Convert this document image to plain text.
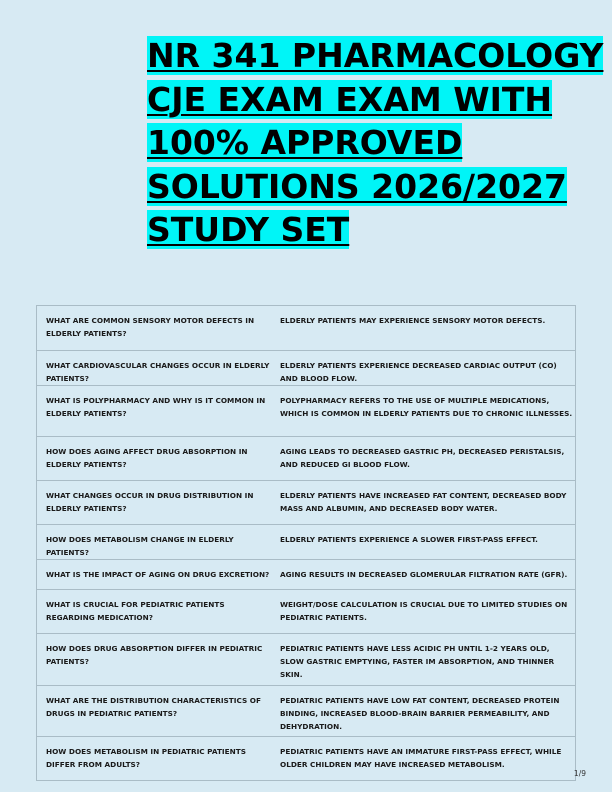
NR 341 PHARMACOLOGY
CJE EXAM EXAM WITH
100% APPROVED
SOLUTIONS 2026/2027
STUDY SET
WHAT ARE COMMON SENSORY MOTOR DEFECTS IN ELDERLY PATIENTS?	ELDERLY PATIENTS MAY EXPERIENCE SENSORY MOTOR DEFECTS.
WHAT CARDIOVASCULAR CHANGES OCCUR IN ELDERLY PATIENTS?	ELDERLY PATIENTS EXPERIENCE DECREASED CARDIAC OUTPUT (CO) AND BLOOD FLOW.
WHAT IS POLYPHARMACY AND WHY IS IT COMMON IN ELDERLY PATIENTS?	POLYPHARMACY REFERS TO THE USE OF MULTIPLE MEDICATIONS, WHICH IS COMMON IN ELDERLY PATIENTS DUE TO CHRONIC ILLNESSES.
HOW DOES AGING AFFECT DRUG ABSORPTION IN ELDERLY PATIENTS?	AGING LEADS TO DECREASED GASTRIC PH, DECREASED PERISTALSIS, AND REDUCED GI BLOOD FLOW.
WHAT CHANGES OCCUR IN DRUG DISTRIBUTION IN ELDERLY PATIENTS?	ELDERLY PATIENTS HAVE INCREASED FAT CONTENT, DECREASED BODY MASS AND ALBUMIN, AND DECREASED BODY WATER.
HOW DOES METABOLISM CHANGE IN ELDERLY PATIENTS?	ELDERLY PATIENTS EXPERIENCE A SLOWER FIRST-PASS EFFECT.
WHAT IS THE IMPACT OF AGING ON DRUG EXCRETION?	AGING RESULTS IN DECREASED GLOMERULAR FILTRATION RATE (GFR).
WHAT IS CRUCIAL FOR PEDIATRIC PATIENTS REGARDING MEDICATION?	WEIGHT/DOSE CALCULATION IS CRUCIAL DUE TO LIMITED STUDIES ON PEDIATRIC PATIENTS.
HOW DOES DRUG ABSORPTION DIFFER IN PEDIATRIC PATIENTS?	PEDIATRIC PATIENTS HAVE LESS ACIDIC PH UNTIL 1-2 YEARS OLD, SLOW GASTRIC EMPTYING, FASTER IM ABSORPTION, AND THINNER SKIN.
WHAT ARE THE DISTRIBUTION CHARACTERISTICS OF DRUGS IN PEDIATRIC PATIENTS?	PEDIATRIC PATIENTS HAVE LOW FAT CONTENT, DECREASED PROTEIN BINDING, INCREASED BLOOD-BRAIN BARRIER PERMEABILITY, AND DEHYDRATION.
HOW DOES METABOLISM IN PEDIATRIC PATIENTS DIFFER FROM ADULTS?	PEDIATRIC PATIENTS HAVE AN IMMATURE FIRST-PASS EFFECT, WHILE OLDER CHILDREN MAY HAVE INCREASED METABOLISM.
1/9
